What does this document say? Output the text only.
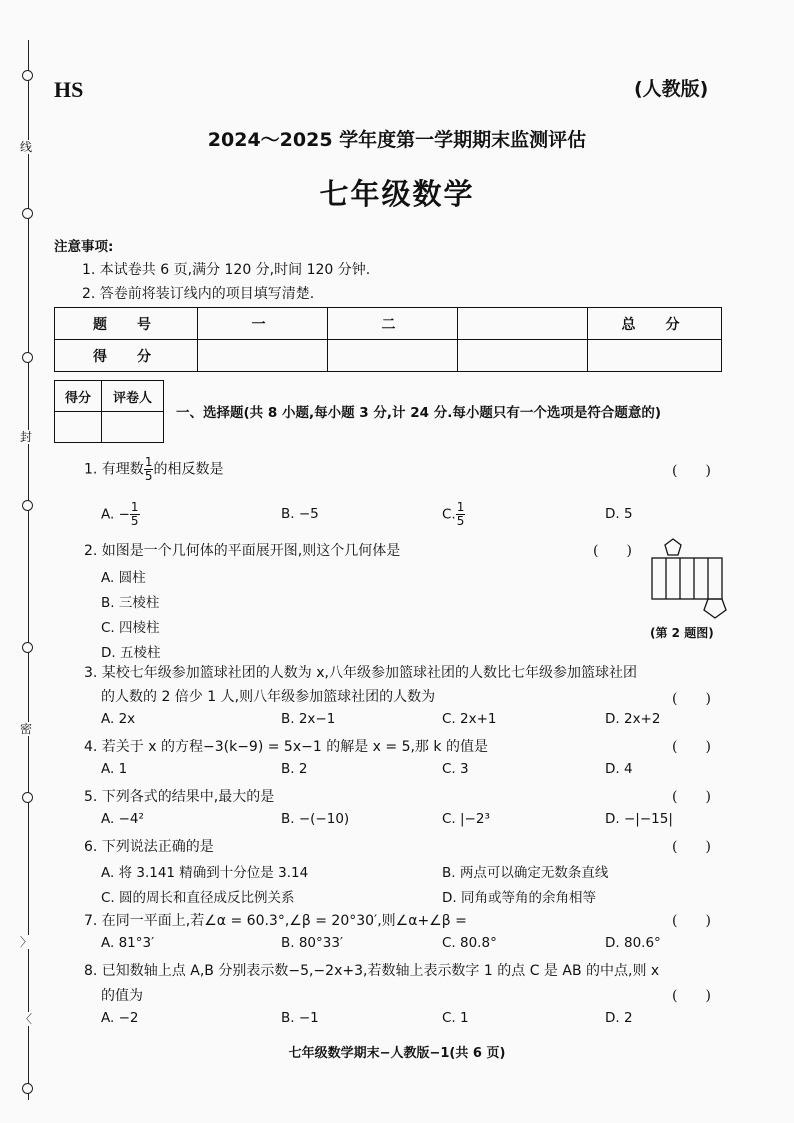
线
封
密
〉
〈
HS	(人教版)
2024～2025 学年度第一学期期末监测评估
七年级数学
注意事项:
1. 本试卷共 6 页,满分 120 分,时间 120 分钟.
2. 答卷前将装订线内的项目填写清楚.
题　号	一	二		总　分
得　分				
得分	评卷人

一、选择题(共 8 小题,每小题 3 分,计 24 分.每小题只有一个选项是符合题意的)
1. 有理数 $\frac{1}{5}$ 的相反数是	(　　)
A. − $\frac{1}{5}$	B. −5	C. $\frac{1}{5}$	D. 5
2. 如图是一个几何体的平面展开图,则这个几何体是	(　　)
A. 圆柱
B. 三棱柱
C. 四棱柱
D. 五棱柱
(第 2 题图)
3. 某校七年级参加篮球社团的人数为 x,八年级参加篮球社团的人数比七年级参加篮球社团
的人数的 2 倍少 1 人,则八年级参加篮球社团的人数为	(　　)
A. 2x	B. 2x−1	C. 2x+1	D. 2x+2
4. 若关于 x 的方程−3(k−9) = 5x−1 的解是 x = 5,那 k 的值是	(　　)
A. 1	B. 2	C. 3	D. 4
5. 下列各式的结果中,最大的是	(　　)
A. −4²	B. −(−10)	C. |−2³	D. −|−15|
6. 下列说法正确的是	(　　)
A. 将 3.141 精确到十分位是 3.14	B. 两点可以确定无数条直线
C. 圆的周长和直径成反比例关系	D. 同角或等角的余角相等
7. 在同一平面上,若∠α = 60.3°,∠β = 20°30′,则∠α+∠β =	(　　)
A. 81°3′	B. 80°33′	C. 80.8°	D. 80.6°
8. 已知数轴上点 A,B 分别表示数−5,−2x+3,若数轴上表示数字 1 的点 C 是 AB 的中点,则 x
的值为	(　　)
A. −2	B. −1	C. 1	D. 2
七年级数学期末−人教版−1(共 6 页)
